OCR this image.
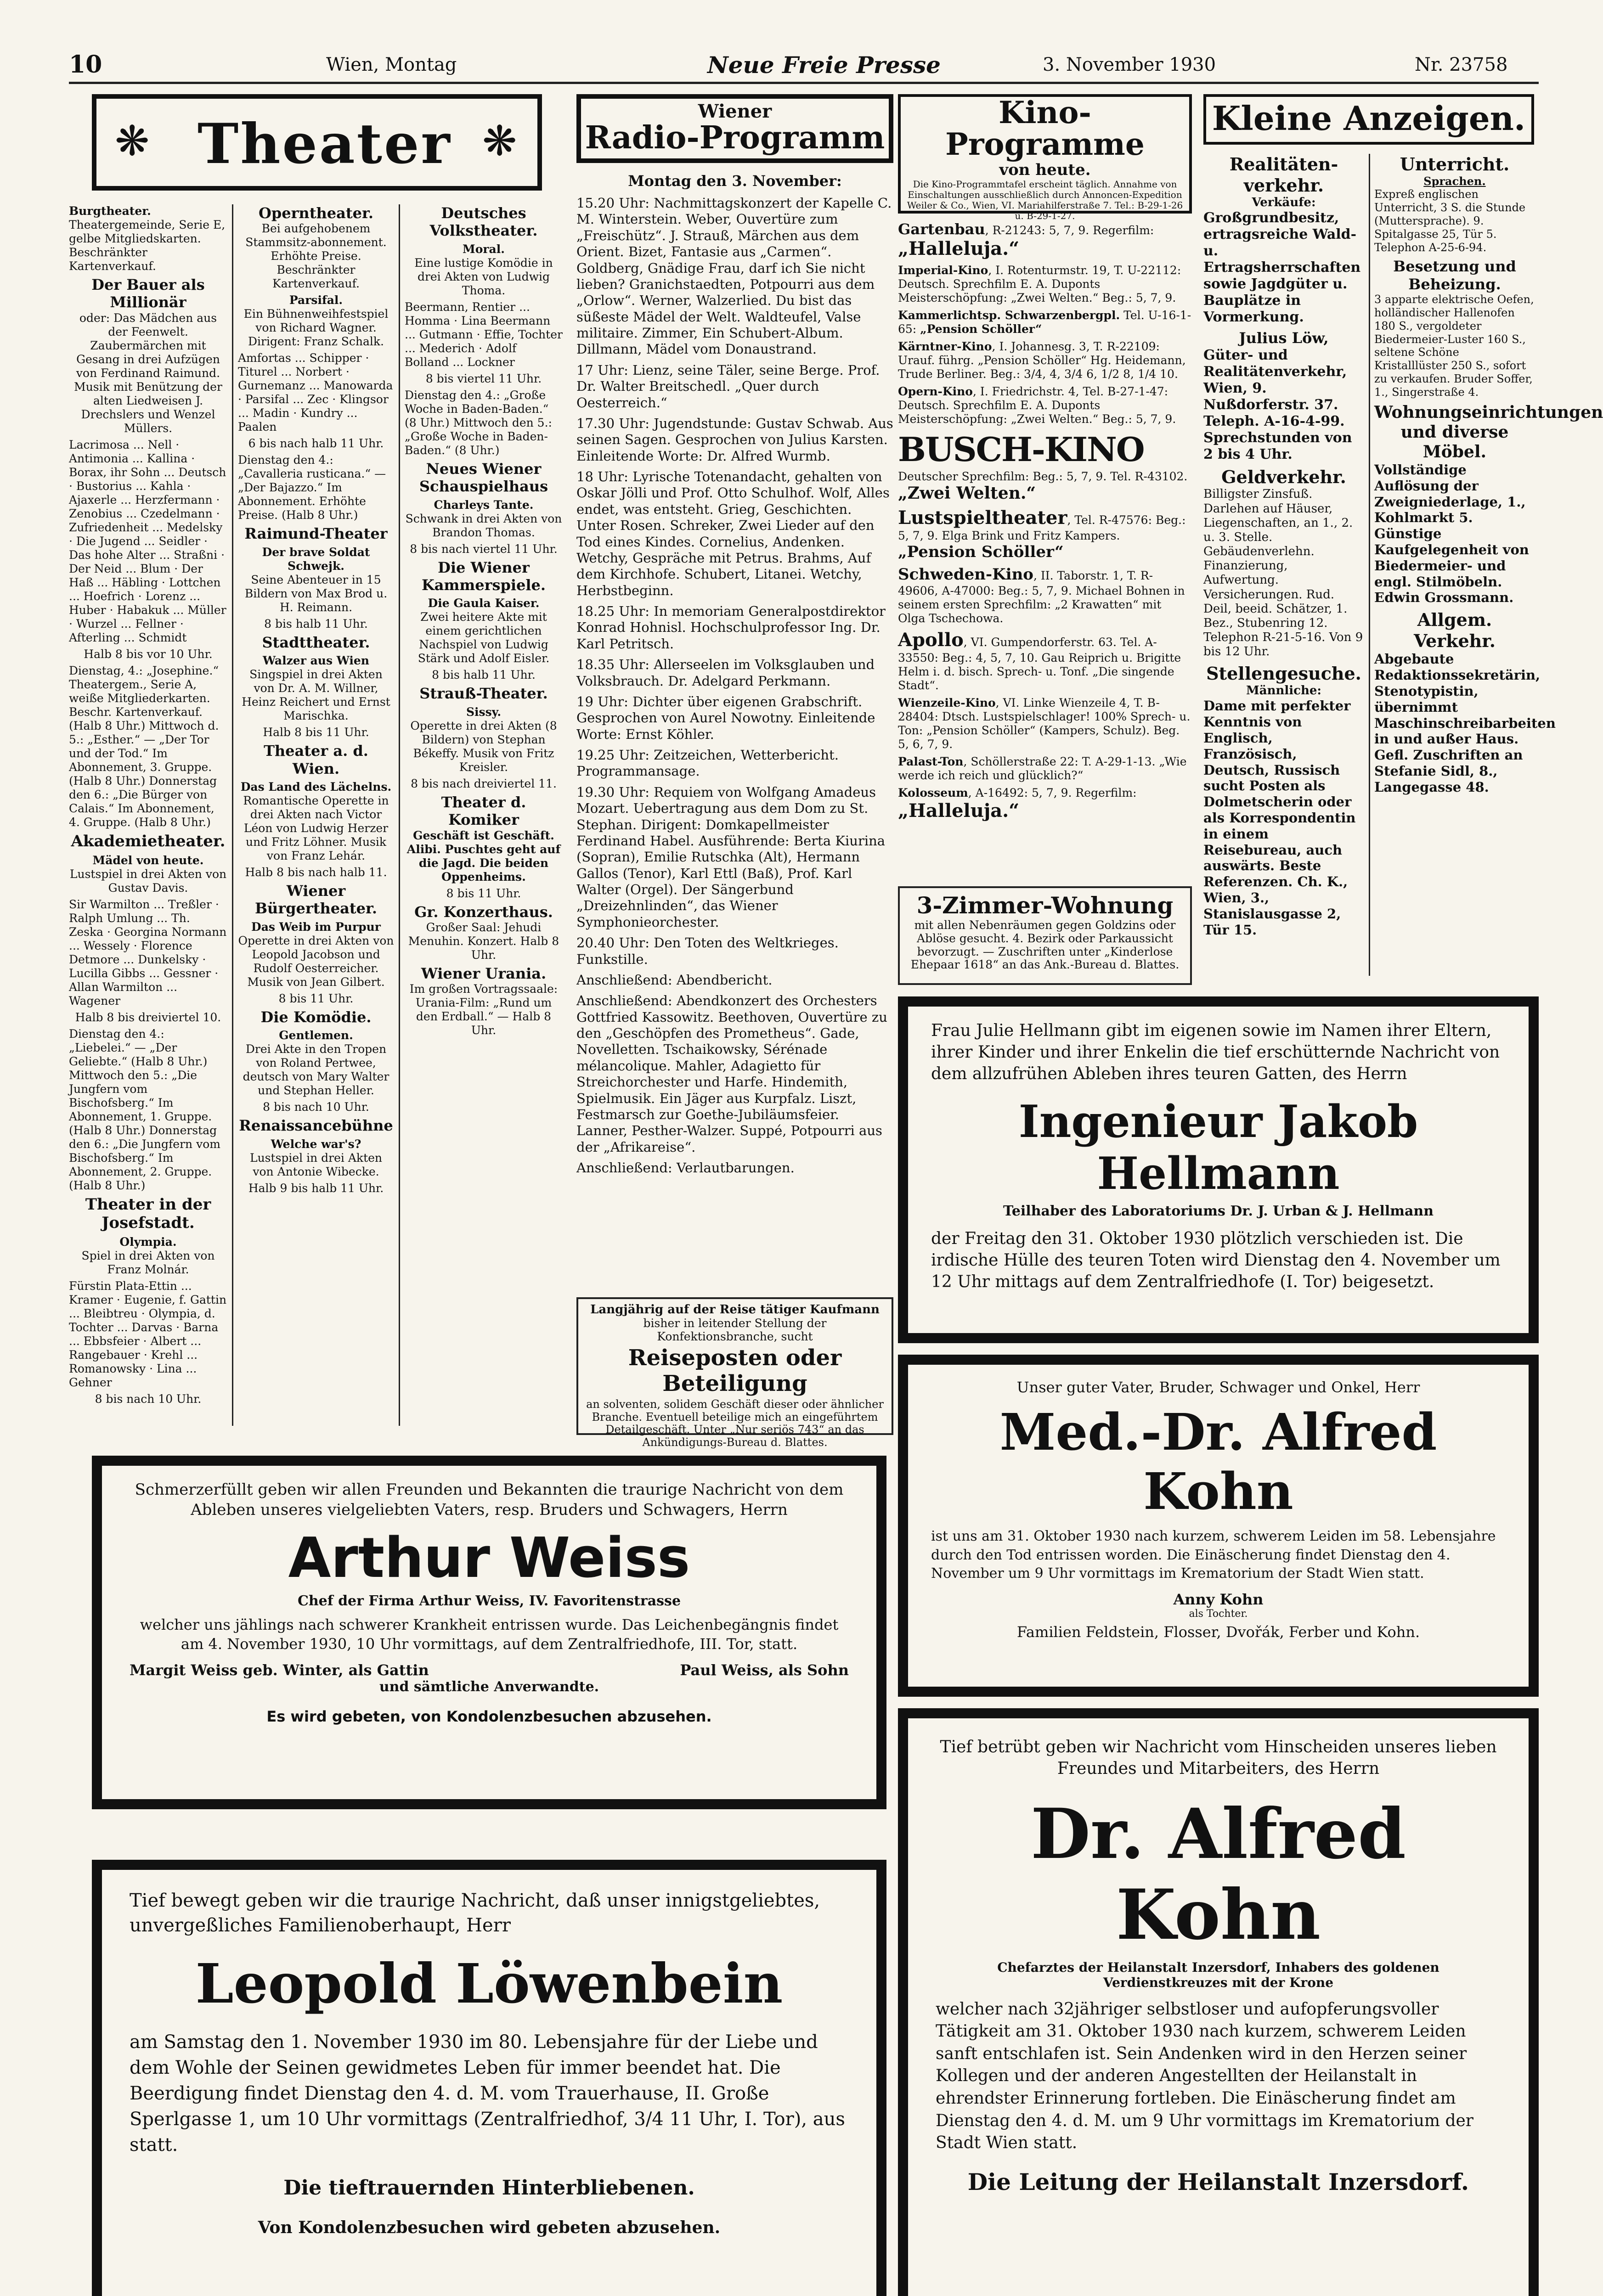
10	Wien, Montag	Neue Freie Presse	3. November 1930	Nr. 23758
❋ Theater ❋

Burgtheater.
Theatergemeinde, Serie E, gelbe Mitgliedskarten. Beschränkter Kartenverkauf.

Der Bauer als Millionär
oder: Das Mädchen aus der Feenwelt. Zaubermärchen mit Gesang in drei Aufzügen von Ferdinand Raimund. Musik mit Benützung der alten Liedweisen J. Drechslers und Wenzel Müllers.

Lacrimosa ... Nell · Antimonia ... Kallina · Borax, ihr Sohn ... Deutsch · Bustorius ... Kahla · Ajaxerle ... Herzfermann · Zenobius ... Czedelmann · Zufriedenheit ... Medelsky · Die Jugend ... Seidler · Das hohe Alter ... Straßni · Der Neid ... Blum · Der Haß ... Häbling · Lottchen ... Hoefrich · Lorenz ... Huber · Habakuk ... Müller · Wurzel ... Fellner · Afterling ... Schmidt

Halb 8 bis vor 10 Uhr.

Dienstag, 4.: „Josephine.“ Theatergem., Serie A, weiße Mitgliederkarten. Beschr. Kartenverkauf. (Halb 8 Uhr.) Mittwoch d. 5.: „Esther.“ — „Der Tor und der Tod.“ Im Abonnement, 3. Gruppe. (Halb 8 Uhr.) Donnerstag den 6.: „Die Bürger von Calais.“ Im Abonnement, 4. Gruppe. (Halb 8 Uhr.)

Akademietheater.

Mädel von heute.
Lustspiel in drei Akten von Gustav Davis.

Sir Warmilton ... Treßler · Ralph Umlung ... Th. Zeska · Georgina Normann ... Wessely · Florence Detmore ... Dunkelsky · Lucilla Gibbs ... Gessner · Allan Warmilton ... Wagener

Halb 8 bis dreiviertel 10.

Dienstag den 4.: „Liebelei.“ — „Der Geliebte.“ (Halb 8 Uhr.) Mittwoch den 5.: „Die Jungfern vom Bischofsberg.“ Im Abonnement, 1. Gruppe. (Halb 8 Uhr.) Donnerstag den 6.: „Die Jungfern vom Bischofsberg.“ Im Abonnement, 2. Gruppe. (Halb 8 Uhr.)

Theater in der Josefstadt.

Olympia.
Spiel in drei Akten von Franz Molnár.

Fürstin Plata-Ettin ... Kramer · Eugenie, f. Gattin ... Bleibtreu · Olympia, d. Tochter ... Darvas · Barna ... Ebbsfeier · Albert ... Rangebauer · Krehl ... Romanowsky · Lina ... Gehner

8 bis nach 10 Uhr.

Operntheater.
Bei aufgehobenem Stammsitz-abonnement. Erhöhte Preise. Beschränkter Kartenverkauf.

Parsifal.
Ein Bühnenweihfestspiel von Richard Wagner. Dirigent: Franz Schalk.

Amfortas ... Schipper · Titurel ... Norbert · Gurnemanz ... Manowarda · Parsifal ... Zec · Klingsor ... Madin · Kundry ... Paalen

6 bis nach halb 11 Uhr.

Dienstag den 4.: „Cavalleria rusticana.“ — „Der Bajazzo.“ Im Abonnement. Erhöhte Preise. (Halb 8 Uhr.)

Raimund-Theater

Der brave Soldat Schwejk.
Seine Abenteuer in 15 Bildern von Max Brod u. H. Reimann.

8 bis halb 11 Uhr.

Stadttheater.

Walzer aus Wien
Singspiel in drei Akten von Dr. A. M. Willner, Heinz Reichert und Ernst Marischka.

Halb 8 bis 11 Uhr.

Theater a. d. Wien.

Das Land des Lächelns.
Romantische Operette in drei Akten nach Victor Léon von Ludwig Herzer und Fritz Löhner. Musik von Franz Lehár.

Halb 8 bis nach halb 11.

Wiener Bürgertheater.

Das Weib im Purpur
Operette in drei Akten von Leopold Jacobson und Rudolf Oesterreicher. Musik von Jean Gilbert.

8 bis 11 Uhr.

Die Komödie.

Gentlemen.
Drei Akte in den Tropen von Roland Pertwee, deutsch von Mary Walter und Stephan Heller.

8 bis nach 10 Uhr.

Renaissancebühne

Welche war's?
Lustspiel in drei Akten von Antonie Wibecke.

Halb 9 bis halb 11 Uhr.

Deutsches Volkstheater.

Moral.
Eine lustige Komödie in drei Akten von Ludwig Thoma.

Beermann, Rentier ... Homma · Lina Beermann ... Gutmann · Effie, Tochter ... Mederich · Adolf Bolland ... Lockner

8 bis viertel 11 Uhr.

Dienstag den 4.: „Große Woche in Baden-Baden.“ (8 Uhr.) Mittwoch den 5.: „Große Woche in Baden-Baden.“ (8 Uhr.)

Neues Wiener Schauspielhaus

Charleys Tante.
Schwank in drei Akten von Brandon Thomas.

8 bis nach viertel 11 Uhr.

Die Wiener Kammerspiele.

Die Gaula Kaiser.
Zwei heitere Akte mit einem gerichtlichen Nachspiel von Ludwig Stärk und Adolf Eisler.

8 bis halb 11 Uhr.

Strauß-Theater.

Sissy.
Operette in drei Akten (8 Bildern) von Stephan Békeffy. Musik von Fritz Kreisler.

8 bis nach dreiviertel 11.

Theater d. Komiker
Geschäft ist Geschäft. Alibi. Puschtes geht auf die Jagd. Die beiden Oppenheims.

8 bis 11 Uhr.

Gr. Konzerthaus.
Großer Saal: Jehudi Menuhin. Konzert. Halb 8 Uhr.

Wiener Urania.
Im großen Vortragssaale: Urania-Film: „Rund um den Erdball.“ — Halb 8 Uhr.

Wiener
Radio-Programm
Montag den 3. November:

15.20 Uhr: Nachmittagskonzert der Kapelle C. M. Winterstein. Weber, Ouvertüre zum „Freischütz“. J. Strauß, Märchen aus dem Orient. Bizet, Fantasie aus „Carmen“. Goldberg, Gnädige Frau, darf ich Sie nicht lieben? Granichstaedten, Potpourri aus dem „Orlow“. Werner, Walzerlied. Du bist das süßeste Mädel der Welt. Waldteufel, Valse militaire. Zimmer, Ein Schubert-Album. Dillmann, Mädel vom Donaustrand.

17 Uhr: Lienz, seine Täler, seine Berge. Prof. Dr. Walter Breitschedl. „Quer durch Oesterreich.“

17.30 Uhr: Jugendstunde: Gustav Schwab. Aus seinen Sagen. Gesprochen von Julius Karsten. Einleitende Worte: Dr. Alfred Wurmb.

18 Uhr: Lyrische Totenandacht, gehalten von Oskar Jölli und Prof. Otto Schulhof. Wolf, Alles endet, was entsteht. Grieg, Geschichten. Unter Rosen. Schreker, Zwei Lieder auf den Tod eines Kindes. Cornelius, Andenken. Wetchy, Gespräche mit Petrus. Brahms, Auf dem Kirchhofe. Schubert, Litanei. Wetchy, Herbstbeginn.

18.25 Uhr: In memoriam Generalpostdirektor Konrad Hohnisl. Hochschulprofessor Ing. Dr. Karl Petritsch.

18.35 Uhr: Allerseelen im Volksglauben und Volksbrauch. Dr. Adelgard Perkmann.

19 Uhr: Dichter über eigenen Grabschrift. Gesprochen von Aurel Nowotny. Einleitende Worte: Ernst Köhler.

19.25 Uhr: Zeitzeichen, Wetterbericht. Programmansage.

19.30 Uhr: Requiem von Wolfgang Amadeus Mozart. Uebertragung aus dem Dom zu St. Stephan. Dirigent: Domkapellmeister Ferdinand Habel. Ausführende: Berta Kiurina (Sopran), Emilie Rutschka (Alt), Hermann Gallos (Tenor), Karl Ettl (Baß), Prof. Karl Walter (Orgel). Der Sängerbund „Dreizehnlinden“, das Wiener Symphonieorchester.

20.40 Uhr: Den Toten des Weltkrieges. Funkstille.

Anschließend: Abendbericht.

Anschließend: Abendkonzert des Orchesters Gottfried Kassowitz. Beethoven, Ouvertüre zu den „Geschöpfen des Prometheus“. Gade, Novelletten. Tschaikowsky, Sérénade mélancolique. Mahler, Adagietto für Streichorchester und Harfe. Hindemith, Spielmusik. Ein Jäger aus Kurpfalz. Liszt, Festmarsch zur Goethe-Jubiläumsfeier. Lanner, Pesther-Walzer. Suppé, Potpourri aus der „Afrikareise“.

Anschließend: Verlautbarungen.

Langjährig auf der Reise tätiger Kaufmann
bisher in leitender Stellung der Konfektionsbranche, sucht
Reiseposten oder Beteiligung
an solventen, solidem Geschäft dieser oder ähnlicher Branche. Eventuell beteilige mich an eingeführtem Detailgeschäft. Unter „Nur seriös 743“ an das Ankündigungs-Bureau d. Blattes.
Kino-Programme
von heute.
Die Kino-Programmtafel erscheint täglich. Annahme von Einschaltungen ausschließlich durch Annoncen-Expedition Weiler & Co., Wien, VI. Mariahilferstraße 7. Tel.: B-29-1-26 u. B-29-1-27.

Gartenbau, R-21243: 5, 7, 9. Regerfilm: „Halleluja.“

Imperial-Kino, I. Rotenturmstr. 19, T. U-22112: Deutsch. Sprechfilm E. A. Duponts Meisterschöpfung: „Zwei Welten.“ Beg.: 5, 7, 9.

Kammerlichtsp. Schwarzenbergpl. Tel. U-16-1-65: „Pension Schöller“

Kärntner-Kino, I. Johannesg. 3, T. R-22109: Urauf. führg. „Pension Schöller“ Hg. Heidemann, Trude Berliner. Beg.: 3/4, 4, 3/4 6, 1/2 8, 1/4 10.

Opern-Kino, I. Friedrichstr. 4, Tel. B-27-1-47: Deutsch. Sprechfilm E. A. Duponts Meisterschöpfung: „Zwei Welten.“ Beg.: 5, 7, 9.

BUSCH-KINO Deutscher Sprechfilm: Beg.: 5, 7, 9. Tel. R-43102. „Zwei Welten.“

Lustspieltheater, Tel. R-47576: Beg.: 5, 7, 9. Elga Brink und Fritz Kampers. „Pension Schöller“

Schweden-Kino, II. Taborstr. 1, T. R-49606, A-47000: Beg.: 5, 7, 9. Michael Bohnen in seinem ersten Sprechfilm: „2 Krawatten“ mit Olga Tschechowa.

Apollo, VI. Gumpendorferstr. 63. Tel. A-33550: Beg.: 4, 5, 7, 10. Gau Reiprich u. Brigitte Helm i. d. bisch. Sprech- u. Tonf. „Die singende Stadt“.

Wienzeile-Kino, VI. Linke Wienzeile 4, T. B-28404: Dtsch. Lustspielschlager! 100% Sprech- u. Ton: „Pension Schöller“ (Kampers, Schulz). Beg. 5, 6, 7, 9.

Palast-Ton, Schöllerstraße 22: T. A-29-1-13. „Wie werde ich reich und glücklich?“

Kolosseum, A-16492: 5, 7, 9. Regerfilm: „Halleluja.“

3-Zimmer-Wohnung
mit allen Nebenräumen gegen Goldzins oder Ablöse gesucht. 4. Bezirk oder Parkaussicht bevorzugt. — Zuschriften unter „Kinderlose Ehepaar 1618“ an das Ank.-Bureau d. Blattes.
Kleine Anzeigen.
Realitäten-verkehr.
Verkäufe:

Großgrundbesitz, ertragsreiche Wald- u. Ertragsherrschaften sowie Jagdgüter u. Bauplätze in Vormerkung.

Julius Löw,

Güter- und Realitätenverkehr, Wien, 9. Nußdorferstr. 37. Teleph. A-16-4-99. Sprechstunden von 2 bis 4 Uhr.

Geldverkehr.

Billigster Zinsfuß. Darlehen auf Häuser, Liegenschaften, an 1., 2. u. 3. Stelle. Gebäudenverlehn. Finanzierung, Aufwertung. Versicherungen. Rud. Deil, beeid. Schätzer, 1. Bez., Stubenring 12. Telephon R-21-5-16. Von 9 bis 12 Uhr.

Stellengesuche.
Männliche:

Dame mit perfekter Kenntnis von Englisch, Französisch, Deutsch, Russisch sucht Posten als Dolmetscherin oder als Korrespondentin in einem Reisebureau, auch auswärts. Beste Referenzen. Ch. K., Wien, 3., Stanislausgasse 2, Tür 15.

Unterricht.
Sprachen.

Expreß englischen Unterricht, 3 S. die Stunde (Muttersprache). 9. Spitalgasse 25, Tür 5. Telephon A-25-6-94.

Besetzung und Beheizung.

3 apparte elektrische Oefen, holländischer Hallenofen 180 S., vergoldeter Biedermeier-Luster 160 S., seltene Schöne Kristalllüster 250 S., sofort zu verkaufen. Bruder Soffer, 1., Singerstraße 4.

Wohnungseinrichtungen und diverse Möbel.

Vollständige Auflösung der Zweigniederlage, 1., Kohlmarkt 5. Günstige Kaufgelegenheit von Biedermeier- und engl. Stilmöbeln. Edwin Grossmann.

Allgem. Verkehr.

Abgebaute Redaktionssekretärin, Stenotypistin, übernimmt Maschinschreibarbeiten in und außer Haus. Gefl. Zuschriften an Stefanie Sidl, 8., Langegasse 48.

Frau Julie Hellmann gibt im eigenen sowie im Namen ihrer Eltern, ihrer Kinder und ihrer Enkelin die tief erschütternde Nachricht von dem allzufrühen Ableben ihres teuren Gatten, des Herrn
Ingenieur Jakob Hellmann
Teilhaber des Laboratoriums Dr. J. Urban & J. Hellmann
der Freitag den 31. Oktober 1930 plötzlich verschieden ist. Die irdische Hülle des teuren Toten wird Dienstag den 4. November um 12 Uhr mittags auf dem Zentralfriedhofe (I. Tor) beigesetzt.
Unser guter Vater, Bruder, Schwager und Onkel, Herr
Med.-Dr. Alfred Kohn
ist uns am 31. Oktober 1930 nach kurzem, schwerem Leiden im 58. Lebensjahre durch den Tod entrissen worden. Die Einäscherung findet Dienstag den 4. November um 9 Uhr vormittags im Krematorium der Stadt Wien statt.
Anny Kohn
als Tochter.
Familien Feldstein, Flosser, Dvořák, Ferber und Kohn.
Schmerzerfüllt geben wir allen Freunden und Bekannten die traurige Nachricht von dem Ableben unseres vielgeliebten Vaters, resp. Bruders und Schwagers, Herrn
Arthur Weiss
Chef der Firma Arthur Weiss, IV. Favoritenstrasse
welcher uns jählings nach schwerer Krankheit entrissen wurde. Das Leichenbegängnis findet am 4. November 1930, 10 Uhr vormittags, auf dem Zentralfriedhofe, III. Tor, statt.
Margit Weiss geb. Winter, als Gattin	Paul Weiss, als Sohn
und sämtliche Anverwandte.
Es wird gebeten, von Kondolenzbesuchen abzusehen.
Tief bewegt geben wir die traurige Nachricht, daß unser innigstgeliebtes, unvergeßliches Familienoberhaupt, Herr
Leopold Löwenbein
am Samstag den 1. November 1930 im 80. Lebensjahre für der Liebe und dem Wohle der Seinen gewidmetes Leben für immer beendet hat. Die Beerdigung findet Dienstag den 4. d. M. vom Trauerhause, II. Große Sperlgasse 1, um 10 Uhr vormittags (Zentralfriedhof, 3/4 11 Uhr, I. Tor), aus statt.
Die tieftrauernden Hinterbliebenen.
Von Kondolenzbesuchen wird gebeten abzusehen.
Tief betrübt geben wir Nachricht vom Hinscheiden unseres lieben Freundes und Mitarbeiters, des Herrn
Dr. Alfred Kohn
Chefarztes der Heilanstalt Inzersdorf, Inhabers des goldenen Verdienstkreuzes mit der Krone
welcher nach 32jähriger selbstloser und aufopferungsvoller Tätigkeit am 31. Oktober 1930 nach kurzem, schwerem Leiden sanft entschlafen ist. Sein Andenken wird in den Herzen seiner Kollegen und der anderen Angestellten der Heilanstalt in ehrendster Erinnerung fortleben. Die Einäscherung findet am Dienstag den 4. d. M. um 9 Uhr vormittags im Krematorium der Stadt Wien statt.
Die Leitung der Heilanstalt Inzersdorf.
